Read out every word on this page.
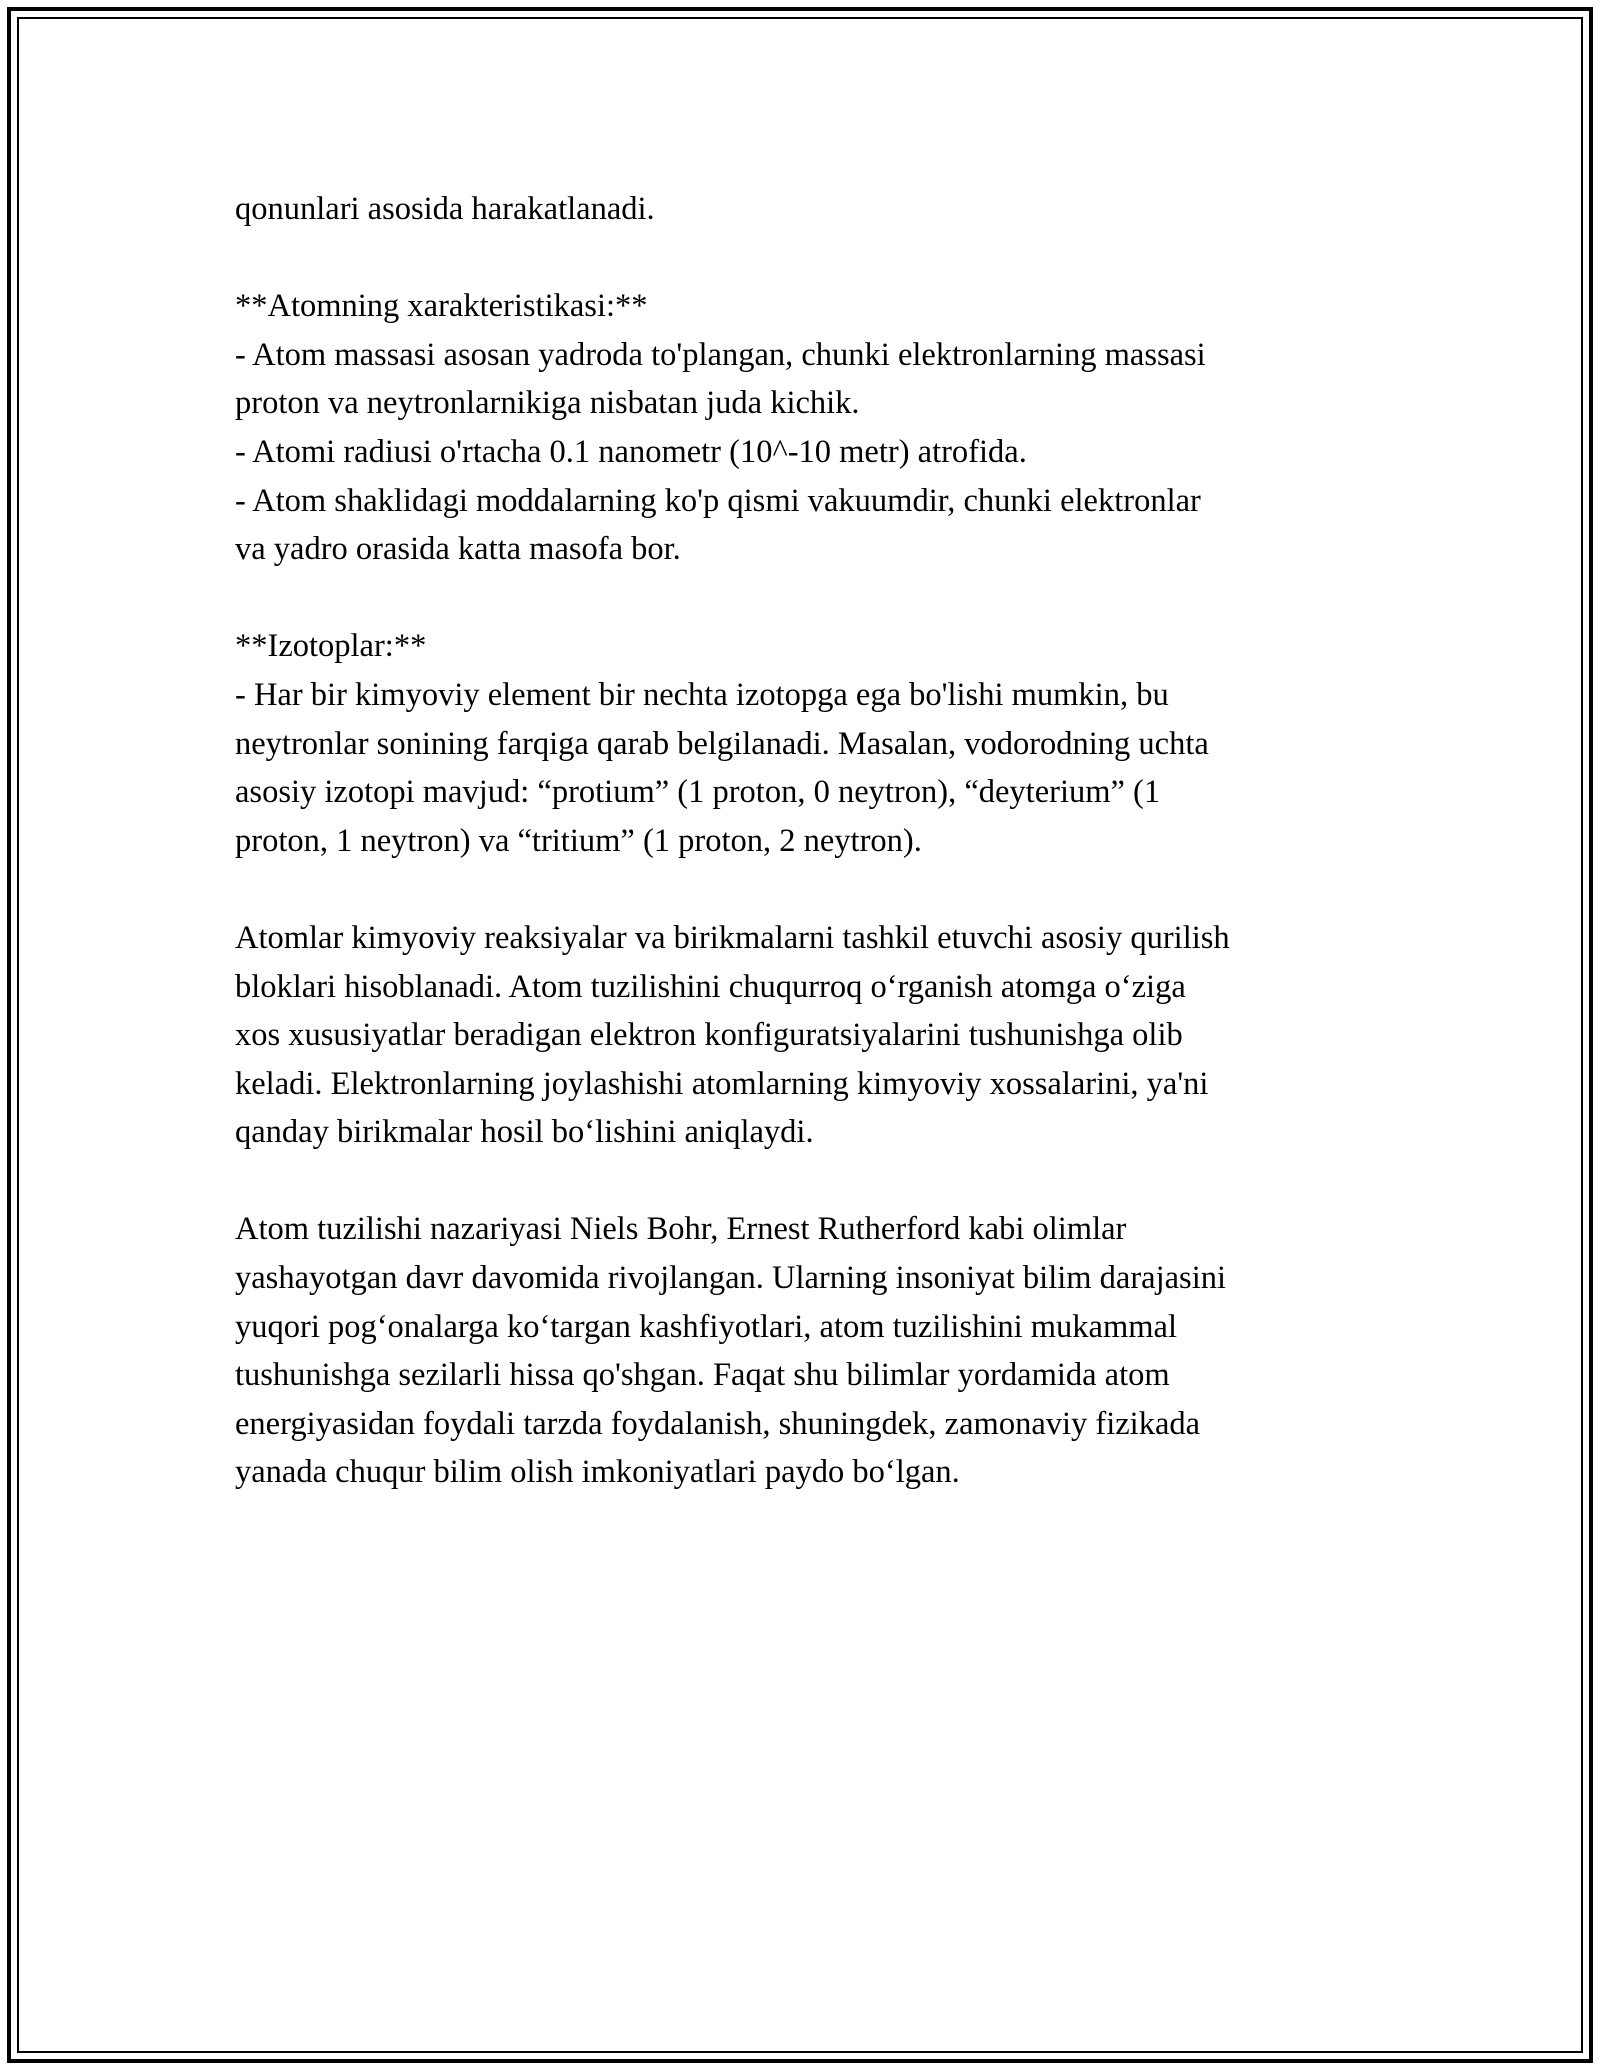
qonunlari asosida harakatlanadi.
**Atomning xarakteristikasi:**
- Atom massasi asosan yadroda to'plangan, chunki elektronlarning massasi
proton va neytronlarnikiga nisbatan juda kichik.
- Atomi radiusi o'rtacha 0.1 nanometr (10^-10 metr) atrofida.
- Atom shaklidagi moddalarning ko'p qismi vakuumdir, chunki elektronlar
va yadro orasida katta masofa bor.
**Izotoplar:**
- Har bir kimyoviy element bir nechta izotopga ega bo'lishi mumkin, bu
neytronlar sonining farqiga qarab belgilanadi. Masalan, vodorodning uchta
asosiy izotopi mavjud: “protium” (1 proton, 0 neytron), “deyterium” (1
proton, 1 neytron) va “tritium” (1 proton, 2 neytron).
Atomlar kimyoviy reaksiyalar va birikmalarni tashkil etuvchi asosiy qurilish
bloklari hisoblanadi. Atom tuzilishini chuqurroq o‘rganish atomga o‘ziga
xos xususiyatlar beradigan elektron konfiguratsiyalarini tushunishga olib
keladi. Elektronlarning joylashishi atomlarning kimyoviy xossalarini, ya'ni
qanday birikmalar hosil bo‘lishini aniqlaydi.
Atom tuzilishi nazariyasi Niels Bohr, Ernest Rutherford kabi olimlar
yashayotgan davr davomida rivojlangan. Ularning insoniyat bilim darajasini
yuqori pog‘onalarga ko‘targan kashfiyotlari, atom tuzilishini mukammal
tushunishga sezilarli hissa qo'shgan. Faqat shu bilimlar yordamida atom
energiyasidan foydali tarzda foydalanish, shuningdek, zamonaviy fizikada
yanada chuqur bilim olish imkoniyatlari paydo bo‘lgan.
